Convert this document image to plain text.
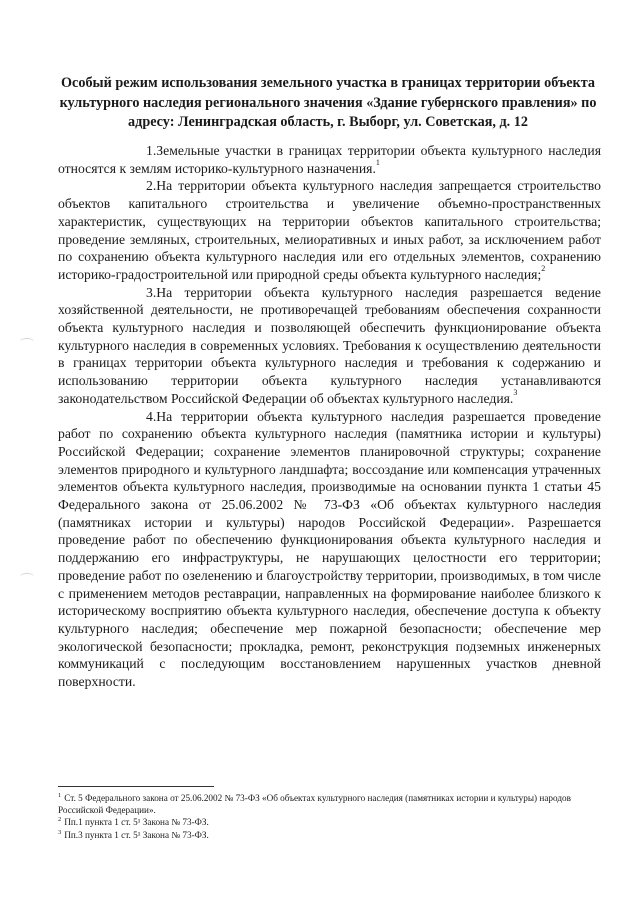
Особый режим использования земельного участка в границах территории объекта культурного наследия регионального значения «Здание губернского правления» по адресу: Ленинградская область, г. Выборг, ул. Советская, д. 12

1.Земельные участки в границах территории объекта культурного наследия относятся к землям историко-культурного назначения.$^1$

2.На территории объекта культурного наследия запрещается строительство объектов капитального строительства и увеличение объемно-пространственных характеристик, существующих на территории объектов капитального строительства; проведение земляных, строительных, мелиоративных и иных работ, за исключением работ по сохранению объекта культурного наследия или его отдельных элементов, сохранению историко-градостроительной или природной среды объекта культурного наследия;$^2$

3.На территории объекта культурного наследия разрешается ведение хозяйственной деятельности, не противоречащей требованиям обеспечения сохранности объекта культурного наследия и позволяющей обеспечить функционирование объекта культурного наследия в современных условиях. Требования к осуществлению деятельности в границах территории объекта культурного наследия и требования к содержанию и использованию территории объекта культурного наследия устанавливаются законодательством Российской Федерации об объектах культурного наследия.$^3$

4.На территории объекта культурного наследия разрешается проведение работ по сохранению объекта культурного наследия (памятника истории и культуры) Российской Федерации; сохранение элементов планировочной структуры; сохранение элементов природного и культурного ландшафта; воссоздание или компенсация утраченных элементов объекта культурного наследия, производимые на основании пункта 1 статьи 45 Федерального закона от 25.06.2002 № 73-ФЗ «Об объектах культурного наследия (памятниках истории и культуры) народов Российской Федерации». Разрешается проведение работ по обеспечению функционирования объекта культурного наследия и поддержанию его инфраструктуры, не нарушающих целостности его территории; проведение работ по озеленению и благоустройству территории, производимых, в том числе с применением методов реставрации, направленных на формирование наиболее близкого к историческому восприятию объекта культурного наследия, обеспечение доступа к объекту культурного наследия; обеспечение мер пожарной безопасности; обеспечение мер экологической безопасности; прокладка, ремонт, реконструкция подземных инженерных коммуникаций с последующим восстановлением нарушенных участков дневной поверхности.

$^1$ Ст. 5 Федерального закона от 25.06.2002 № 73-ФЗ «Об объектах культурного наследия (памятниках истории и культуры) народов Российской Федерации».

$^2$ Пп.1 пункта 1 ст. 5¹ Закона № 73-ФЗ.

$^3$ Пп.3 пункта 1 ст. 5¹ Закона № 73-ФЗ.
